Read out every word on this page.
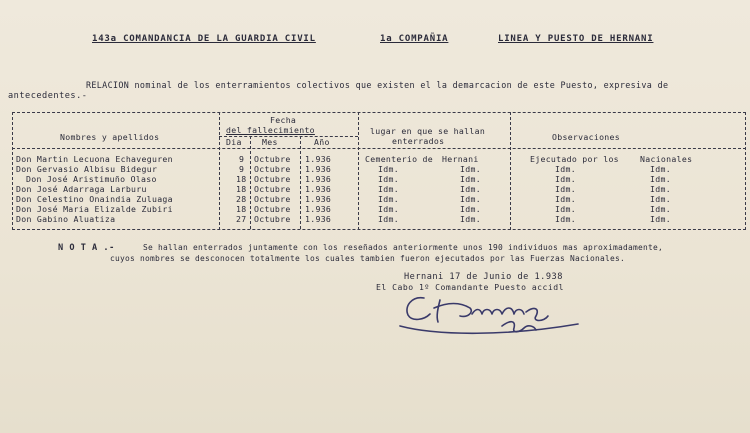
143a COMANDANCIA DE LA GUARDIA CIVIL	1a COMPAÑIA	LINEA Y PUESTO DE HERNANI
RELACION nominal de los enterramientos colectivos que existen el la demarcacion de este Puesto, expresiva de
antecedentes.-
Nombres y apellidos
Fecha
del fallecimiento
Dia Mes	Año
lugar en que se hallan
enterrados	Observaciones
Don Martin Lecuona Echaveguren	9 Octubre 1.936	Cementerio de Hernani	Ejecutado por los	Nacionales
Don Gervasio Albisu Bidegur	9 Octubre 1.936	Idm.	Idm.	Idm.	Idm.
Don José Aristimuño Olaso	18 Octubre 1.936	Idm.	Idm.	Idm.	Idm.
Don José Adarraga Larburu	18 Octubre 1.936	Idm.	Idm.	Idm.	Idm.
Don Celestino Onaindia Zuluaga	28 Octubre 1.936	Idm.	Idm.	Idm.	Idm.
Don José Maria Elizalde Zubiri	18 Octubre 1.936	Idm.	Idm.	Idm.	Idm.
Don Gabino Aluatiza	27 Octubre 1.936	Idm.	Idm.	Idm.	Idm.
N O T A .-	Se hallan enterrados juntamente con los reseñados anteriormente unos 190 individuos mas aproximadamente,
cuyos nombres se desconocen totalmente los cuales tambien fueron ejecutados por las Fuerzas Nacionales.
Hernani 17 de Junio de 1.938
El Cabo 1º Comandante Puesto accidl
